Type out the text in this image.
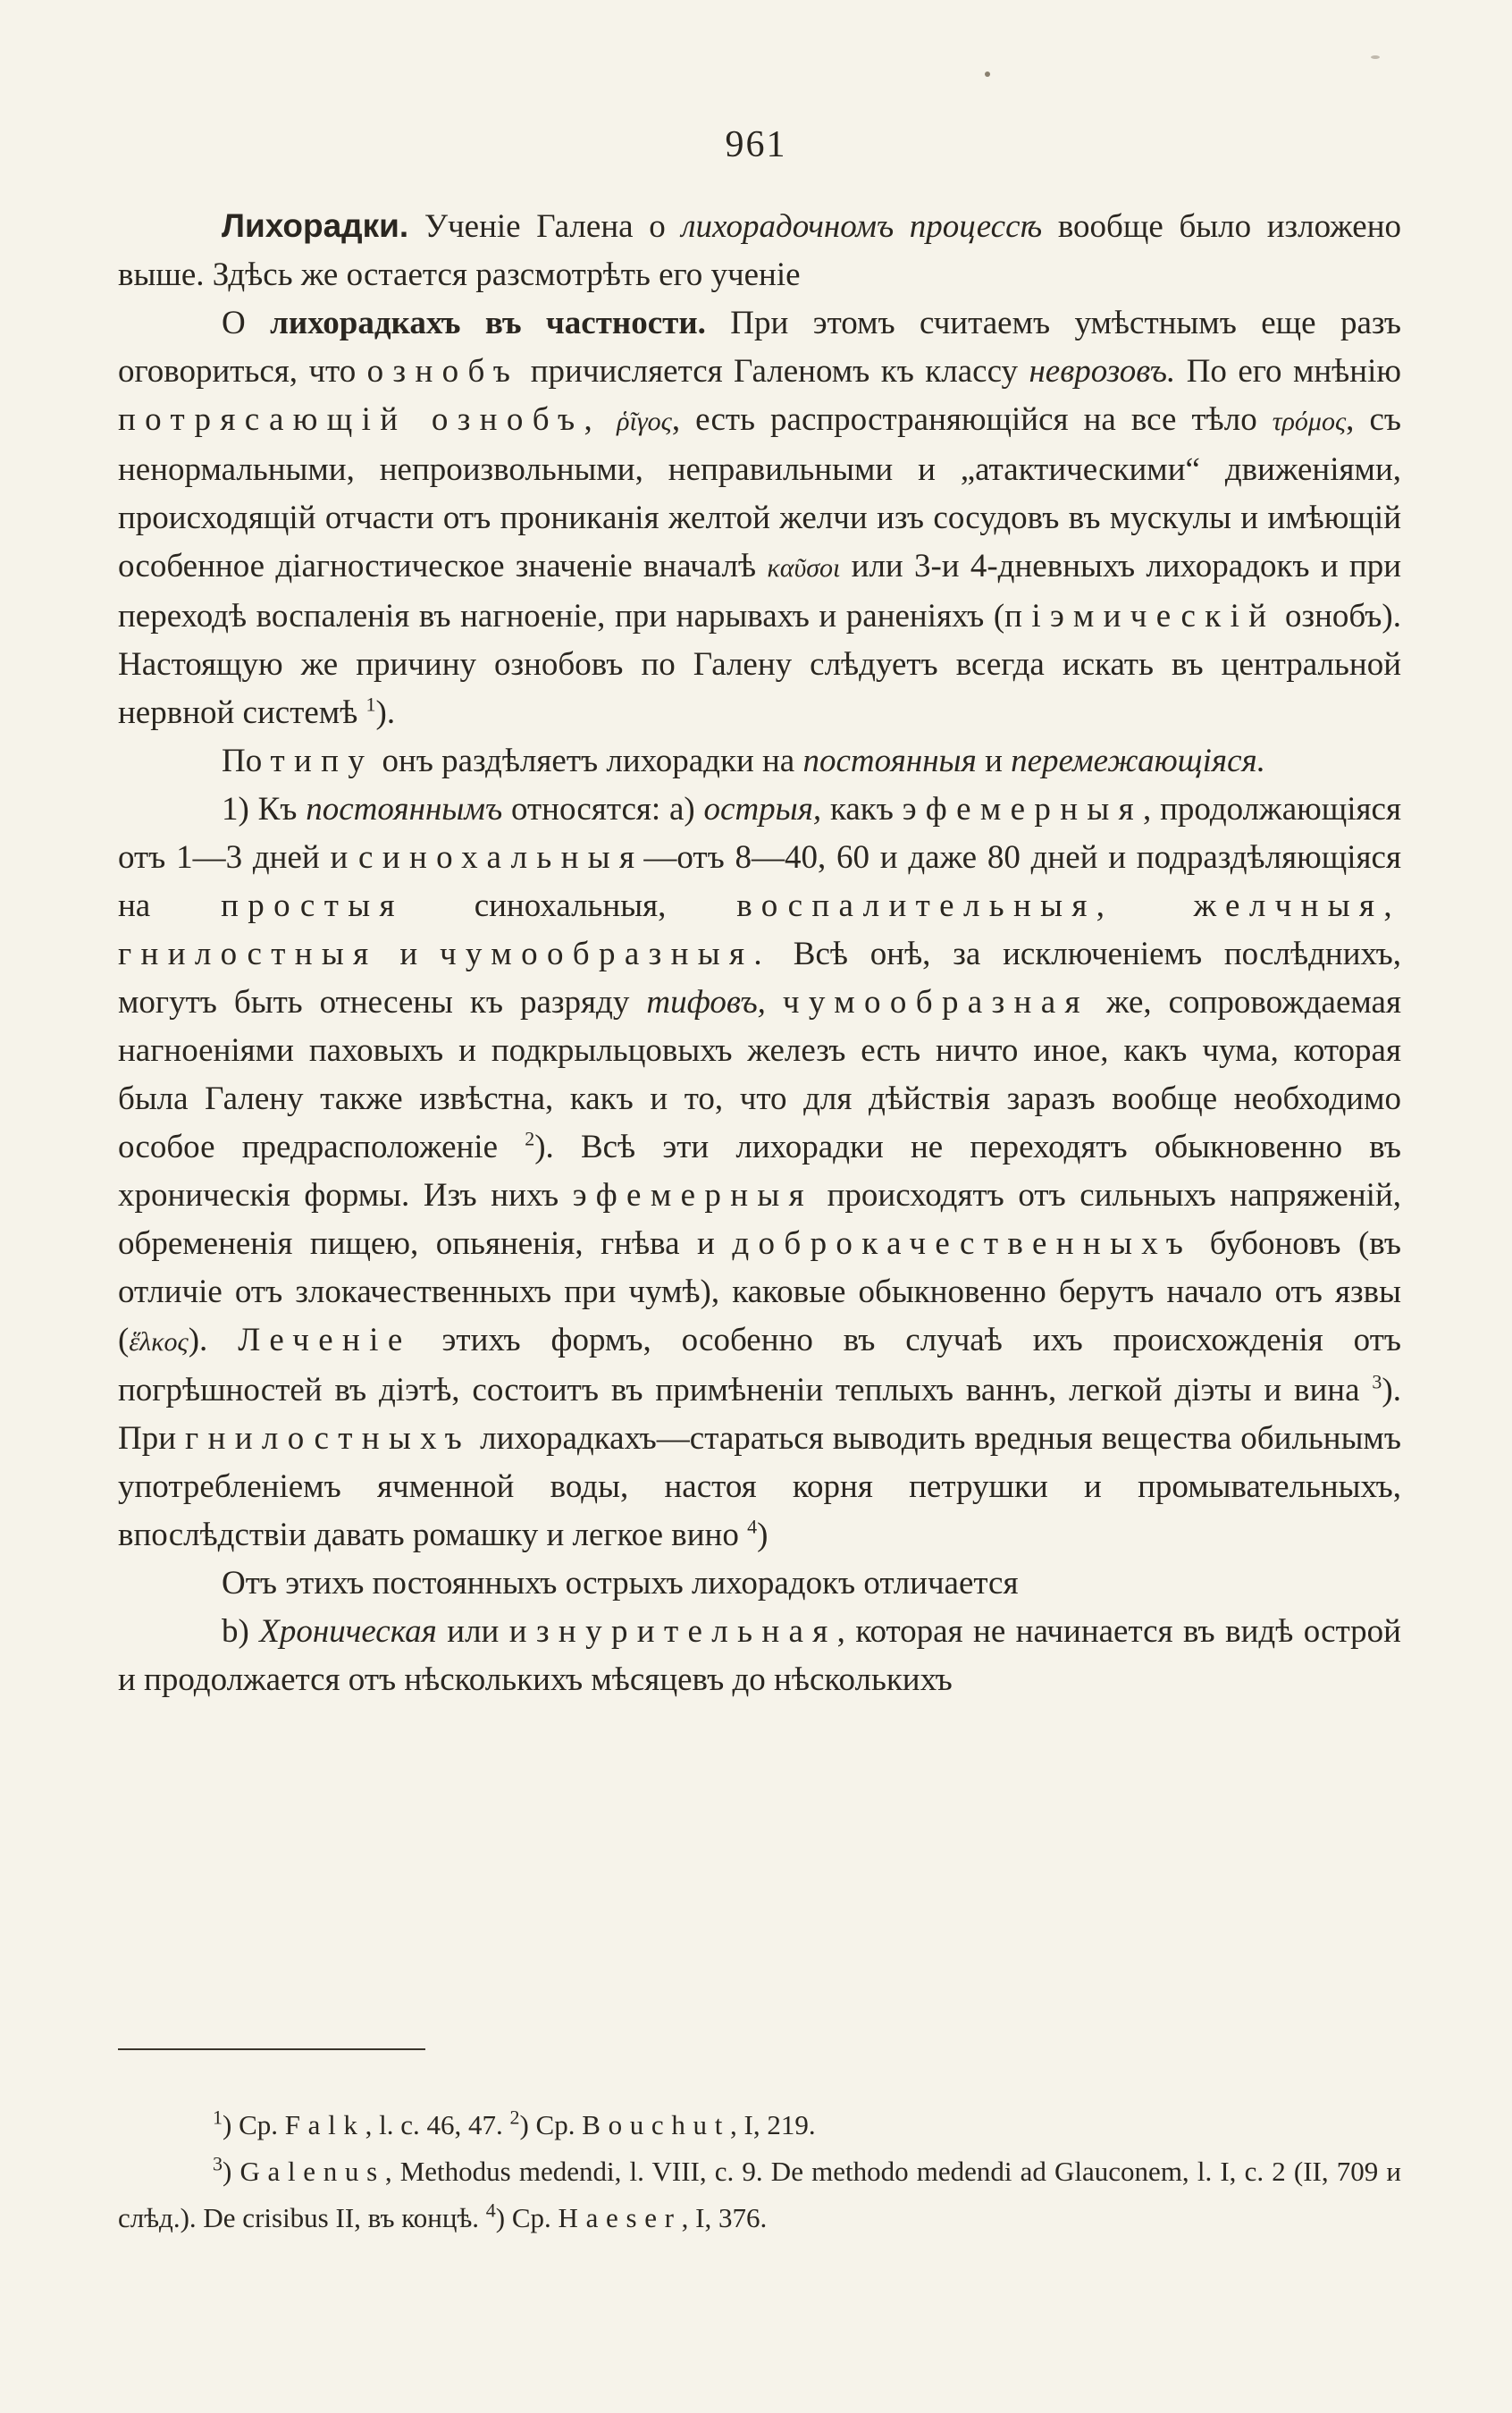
961

Лихорадки. Ученіе Галена о лихорадочномъ процессѣ вообще было изложено выше. Здѣсь же остается разсмотрѣть его ученіе

О лихорадкахъ въ частности. При этомъ считаемъ умѣстнымъ еще разъ оговориться, что ознобъ причисляется Галеномъ къ классу неврозовъ. По его мнѣнію потрясающій ознобъ, ῥῖγος, есть распространяющійся на все тѣло τρόμος, съ ненормальными, непроизвольными, неправильными и „атактическими“ движеніями, происходящій отчасти отъ проникaнія желтой желчи изъ сосудовъ въ мускулы и имѣющій особенное діагностическое значеніе вначалѣ καῦσοι или 3-и 4-дневныхъ лихорадокъ и при переходѣ воспаленія въ нагноеніе, при нарывахъ и раненіяхъ (піэмическій ознобъ). Настоящую же причину ознобовъ по Галену слѣдуетъ всегда искать въ центральной нервной системѣ $^1$).

По типу онъ раздѣляетъ лихорадки на постоянныя и перемежающіяся.

1) Къ постояннымъ относятся: а) острыя, какъ эфемерныя, продолжающіяся отъ 1—3 дней и синохальныя—отъ 8—40, 60 и даже 80 дней и подраздѣляющіяся на простыя синохальныя, воспалительныя, желчныя, гнилостныя и чумообразныя. Всѣ онѣ, за исключеніемъ послѣднихъ, могутъ быть отнесены къ разряду тифовъ, чумообразная же, сопровождаемая нагноеніями паховыхъ и подкрыльцовыхъ железъ есть ничто иное, какъ чума, которая была Галену также извѣстна, какъ и то, что для дѣйствія заразъ вообще необходимо особое предрасположеніе $^2$). Всѣ эти лихорадки не переходятъ обыкновенно въ хроническія формы. Изъ нихъ эфемерныя происходятъ отъ сильныхъ напряженій, обремененія пищею, опьяненія, гнѣва и доброкачественныхъ бубоновъ (въ отличіе отъ злокачественныхъ при чумѣ), каковые обыкновенно берутъ начало отъ язвы (ἕλκος). Леченіе этихъ формъ, особенно въ случаѣ ихъ происхожденія отъ погрѣшностей въ діэтѣ, состоитъ въ примѣненіи теплыхъ ваннъ, легкой діэты и вина $^3$). При гнилостныхъ лихорадкахъ—стараться выводить вредныя вещества обильнымъ употребленіемъ ячменной воды, настоя корня петрушки и промывательныхъ, впослѣдствіи давать ромашку и легкое вино $^4$)

Отъ этихъ постоянныхъ острыхъ лихорадокъ отличается

b) Хроническая или изнурительная, которая не начинается въ видѣ острой и продолжается отъ нѣсколькихъ мѣсяцевъ до нѣсколькихъ

$^1$) Ср. Falk, l. c. 46, 47. $^2$) Ср. Bouchut, I, 219.

$^3$) Galenus, Methodus medendi, l. VIII, c. 9. De methodo medendi ad Glauconem, l. I, c. 2 (II, 709 и слѣд.). De crisibus II, въ концѣ. $^4$) Ср. Haeser, I, 376.
